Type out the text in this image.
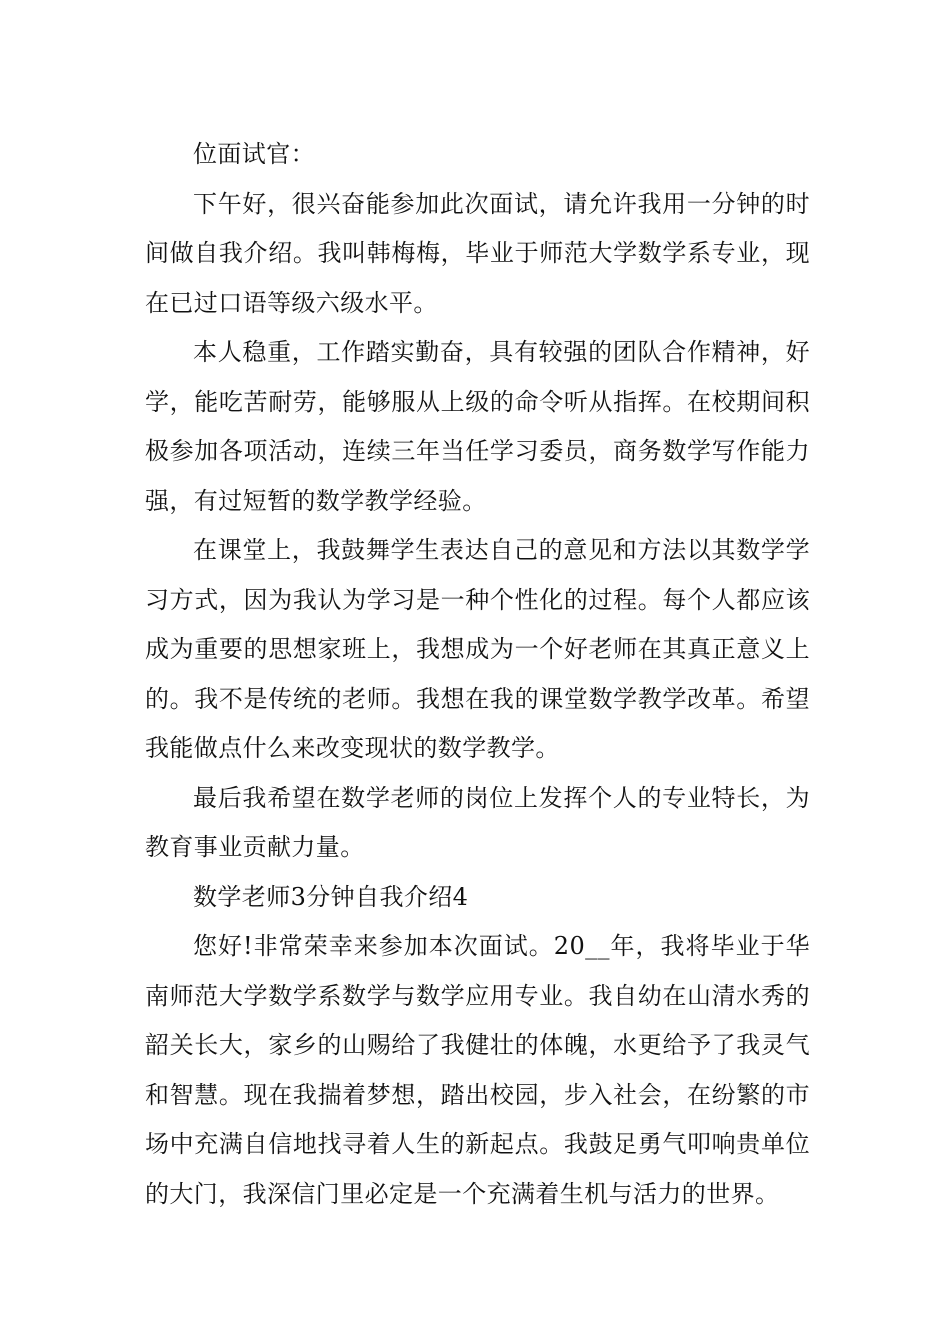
位面试官：

下午好，很兴奋能参加此次面试，请允许我用一分钟的时间做自我介绍。我叫韩梅梅，毕业于师范大学数学系专业，现在已过口语等级六级水平。

本人稳重，工作踏实勤奋，具有较强的团队合作精神，好学，能吃苦耐劳，能够服从上级的命令听从指挥。在校期间积极参加各项活动，连续三年当任学习委员，商务数学写作能力强，有过短暂的数学教学经验。

在课堂上，我鼓舞学生表达自己的意见和方法以其数学学习方式，因为我认为学习是一种个性化的过程。每个人都应该成为重要的思想家班上，我想成为一个好老师在其真正意义上的。我不是传统的老师。我想在我的课堂数学教学改革。希望我能做点什么来改变现状的数学教学。

最后我希望在数学老师的岗位上发挥个人的专业特长，为教育事业贡献力量。

数学老师3分钟自我介绍4

您好!非常荣幸来参加本次面试。20__年，我将毕业于华南师范大学数学系数学与数学应用专业。我自幼在山清水秀的韶关长大，家乡的山赐给了我健壮的体魄，水更给予了我灵气和智慧。现在我揣着梦想，踏出校园，步入社会，在纷繁的市场中充满自信地找寻着人生的新起点。我鼓足勇气叩响贵单位的大门，我深信门里必定是一个充满着生机与活力的世界。
